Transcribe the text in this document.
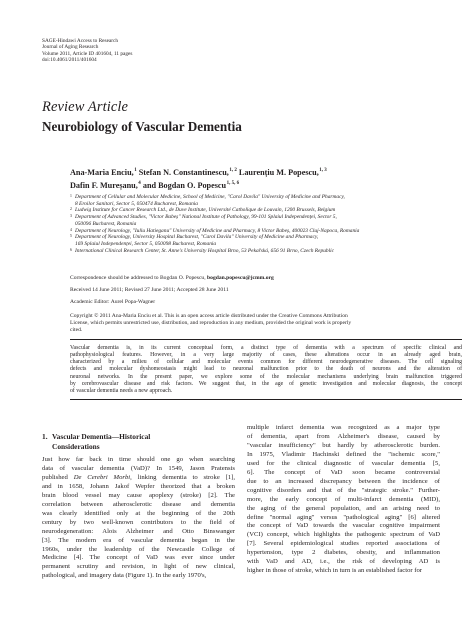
SAGE-Hindawi Access to Research
Journal of Aging Research
Volume 2011, Article ID 401604, 11 pages
doi:10.4061/2011/401604
Review Article
Neurobiology of Vascular Dementia
Ana-Maria Enciu,$^1$ Stefan N. Constantinescu,$^{1, 2}$ Laurențiu M. Popescu,$^{1, 3}$
Dafin F. Mureșanu,$^4$ and Bogdan O. Popescu$^{1, 5, 6}$
1 Department of Cellular and Molecular Medicine, School of Medicine, "Carol Davila" University of Medicine and Pharmacy,
8 Eroilor Sanitari, Sector 5, 050474 Bucharest, Romania
2 Ludwig Institute for Cancer Research Ltd., de Duve Institute, Université Catholique de Louvain, 1200 Brussels, Belgium
3 Department of Advanced Studies, "Victor Babeș" National Institute of Pathology, 99-101 Splaiul Independenței, Sector 5,
050096 Bucharest, Romania
4 Department of Neurology, "Iuliu Hatieganu" University of Medicine and Pharmacy, 8 Victor Babeș, 400023 Cluj-Napoca, Romania
5 Department of Neurology, University Hospital Bucharest, "Carol Davila" University of Medicine and Pharmacy,
169 Splaiul Independenței, Sector 5, 050098 Bucharest, Romania
6 International Clinical Research Center, St. Anne's University Hospital Brno, 53 Pekařská, 656 91 Brno, Czech Republic
Correspondence should be addressed to Bogdan O. Popescu, bogdan.popescu@jcmm.org
Received 14 June 2011; Revised 27 June 2011; Accepted 28 June 2011
Academic Editor: Aurel Popa-Wagner
Copyright © 2011 Ana-Maria Enciu et al. This is an open access article distributed under the Creative Commons Attribution
License, which permits unrestricted use, distribution, and reproduction in any medium, provided the original work is properly
cited.
Vascular dementia is, in its current conceptual form, a distinct type of dementia with a spectrum of specific clinical and
pathophysiological features. However, in a very large majority of cases, these alterations occur in an already aged brain,
characterized by a milieu of cellular and molecular events common for different neurodegenerative diseases. The cell signaling
defects and molecular dyshomeostasis might lead to neuronal malfunction prior to the death of neurons and the alteration of
neuronal networks. In the present paper, we explore some of the molecular mechanisms underlying brain malfunction triggered
by cerebrovascular disease and risk factors. We suggest that, in the age of genetic investigation and molecular diagnosis, the concept
of vascular dementia needs a new approach.
1. Vascular Dementia—Historical
Considerations
Just how far back in time should one go when searching
data of vascular dementia (VaD)? In 1549, Jason Pratensis
published De Cerebri Morbi, linking dementia to stroke [1],
and in 1658, Johann Jakof Wepfer theorized that a broken
brain blood vessel may cause apoplexy (stroke) [2]. The
correlation between atherosclerotic disease and dementia
was clearly identified only at the beginning of the 20th
century by two well-known contributors to the field of
neurodegeneration: Alois Alzheimer and Otto Binswanger
[3]. The modern era of vascular dementia began in the
1960s, under the leadership of the Newcastle College of
Medicine [4]. The concept of VaD was ever since under
permanent scrutiny and revision, in light of new clinical,
pathological, and imagery data (Figure 1). In the early 1970's,
multiple infarct dementia was recognized as a major type
of dementia, apart from Alzheimer's disease, caused by
"vascular insufficiency" but hardly by atherosclerotic burden.
In 1975, Vladimir Hachinski defined the "ischemic score,"
used for the clinical diagnostic of vascular dementia [5,
6]. The concept of VaD soon became controversial
due to an increased discrepancy between the incidence of
cognitive disorders and that of the "strategic stroke." Further-
more, the early concept of multi-infarct dementia (MID),
the aging of the general population, and an arising need to
define "normal aging" versus "pathological aging" [6] altered
the concept of VaD towards the vascular cognitive impairment
(VCI) concept, which highlights the pathogenic spectrum of VaD
[7]. Several epidemiological studies reported associations of
hypertension, type 2 diabetes, obesity, and inflammation
with VaD and AD, i.e., the risk of developing AD is
higher in those of stroke, which in turn is an established factor for
